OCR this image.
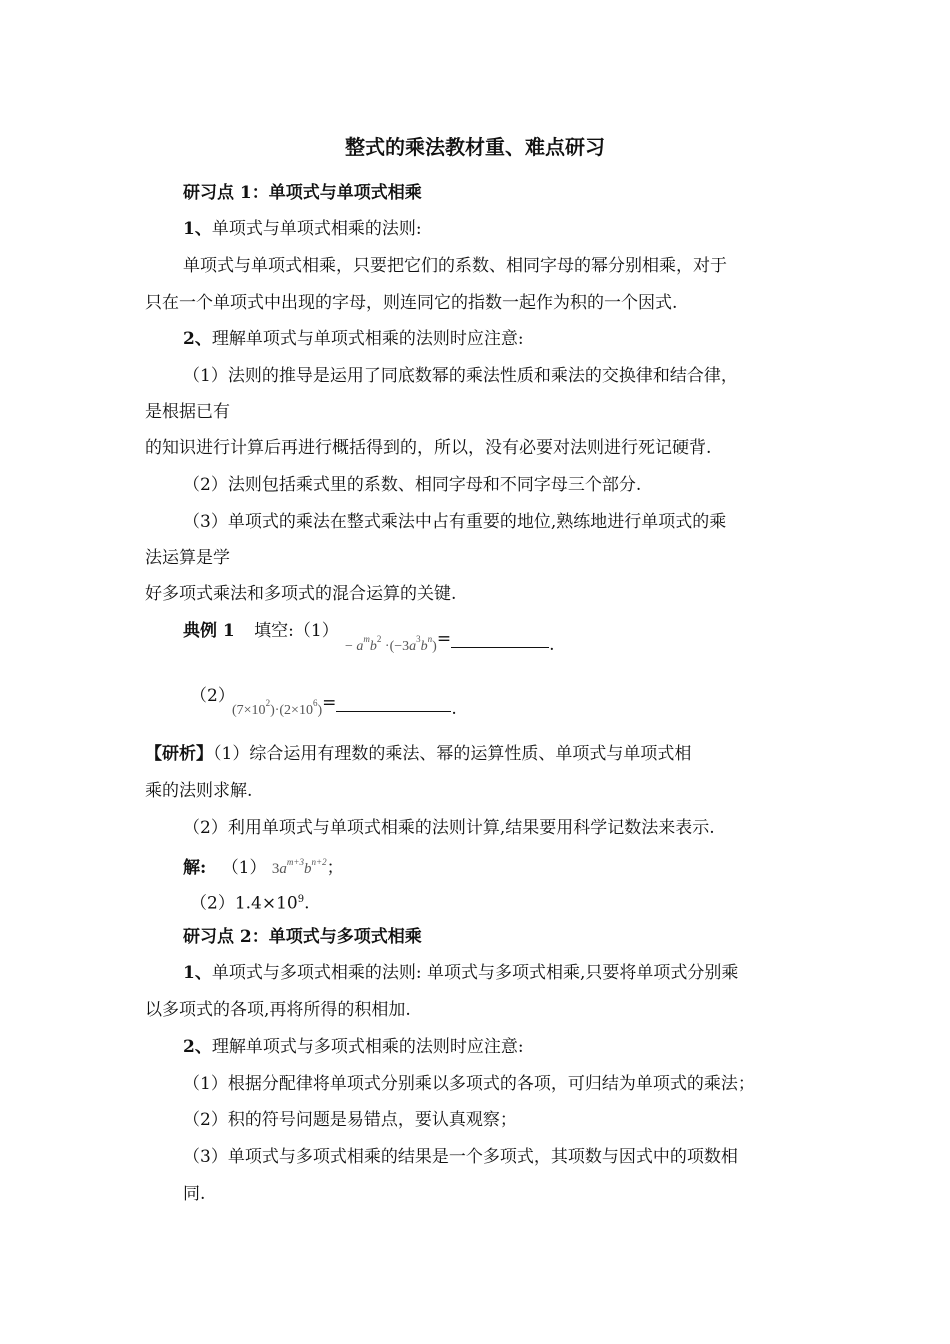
整式的乘法教材重、难点研习
研习点 1：单项式与单项式相乘
1、单项式与单项式相乘的法则:
单项式与单项式相乘，只要把它们的系数、相同字母的幂分别相乘，对于
只在一个单项式中出现的字母，则连同它的指数一起作为积的一个因式.
2、理解单项式与单项式相乘的法则时应注意:
（1）法则的推导是运用了同底数幂的乘法性质和乘法的交换律和结合律，
是根据已有
的知识进行计算后再进行概括得到的，所以，没有必要对法则进行死记硬背.
（2）法则包括乘式里的系数、相同字母和不同字母三个部分.
（3）单项式的乘法在整式乘法中占有重要的地位,熟练地进行单项式的乘
法运算是学
好多项式乘法和多项式的混合运算的关键.
典例 1 填空:（1）
− $a^mb^2 \cdot(-3a^3b^n)=$	.
（2）
$(7\times 10^2)\cdot(2\times 10^6)=$	.
【研析】（1）综合运用有理数的乘法、幂的运算性质、单项式与单项式相
乘的法则求解.
（2）利用单项式与单项式相乘的法则计算,结果要用科学记数法来表示.
解: （1） $3a^{m+3}b^{n+2}$；
$(2)1.4\times 10^9$.
研习点 2：单项式与多项式相乘
1、单项式与多项式相乘的法则: 单项式与多项式相乘,只要将单项式分别乘
以多项式的各项,再将所得的积相加.
2、理解单项式与多项式相乘的法则时应注意:
（1）根据分配律将单项式分别乘以多项式的各项，可归结为单项式的乘法；
（2）积的符号问题是易错点，要认真观察；
（3）单项式与多项式相乘的结果是一个多项式，其项数与因式中的项数相
同.
